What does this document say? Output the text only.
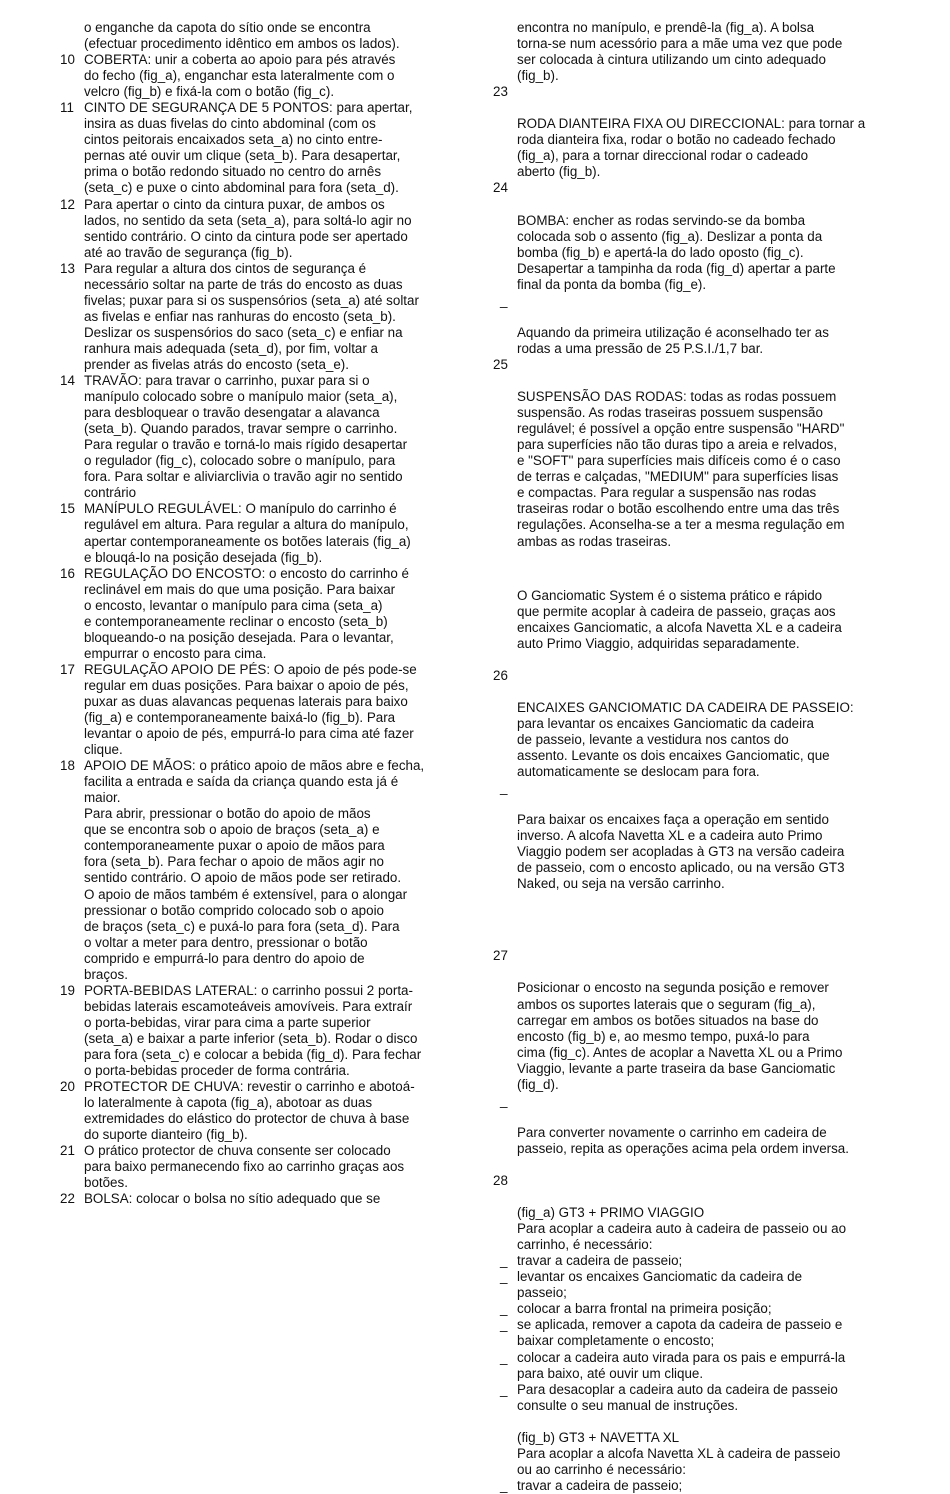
o enganche da capota do sítio onde se encontra
(efectuar procedimento idêntico em ambos os lados).
10 COBERTA: unir a coberta ao apoio para pés através
do fecho (fig_a), enganchar esta lateralmente com o
velcro (fig_b) e fixá-la com o botão (fig_c).
11 CINTO DE SEGURANÇA DE 5 PONTOS: para apertar,
insira as duas fivelas do cinto abdominal (com os
cintos peitorais encaixados seta_a) no cinto entre-
pernas até ouvir um clique (seta_b). Para desapertar,
prima o botão redondo situado no centro do arnês
(seta_c) e puxe o cinto abdominal para fora (seta_d).
12 Para apertar o cinto da cintura puxar, de ambos os
lados, no sentido da seta (seta_a), para soltá-lo agir no
sentido contrário. O cinto da cintura pode ser apertado
até ao travão de segurança (fig_b).
13 Para regular a altura dos cintos de segurança é
necessário soltar na parte de trás do encosto as duas
fivelas; puxar para si os suspensórios (seta_a) até soltar
as fivelas e enfiar nas ranhuras do encosto (seta_b).
Deslizar os suspensórios do saco (seta_c) e enfiar na
ranhura mais adequada (seta_d), por fim, voltar a
prender as fivelas atrás do encosto (seta_e).
14 TRAVÃO: para travar o carrinho, puxar para si o
manípulo colocado sobre o manípulo maior (seta_a),
para desbloquear o travão desengatar a alavanca
(seta_b). Quando parados, travar sempre o carrinho.
Para regular o travão e torná-lo mais rígido desapertar
o regulador (fig_c), colocado sobre o manípulo, para
fora. Para soltar e aliviarclivia o travão agir no sentido
contrário
15 MANÍPULO REGULÁVEL: O manípulo do carrinho é
regulável em altura. Para regular a altura do manípulo,
apertar contemporaneamente os botões laterais (fig_a)
e blouqá-lo na posição desejada (fig_b).
16 REGULAÇÃO DO ENCOSTO: o encosto do carrinho é
reclinável em mais do que uma posição. Para baixar
o encosto, levantar o manípulo para cima (seta_a)
e contemporaneamente reclinar o encosto (seta_b)
bloqueando-o na posição desejada. Para o levantar,
empurrar o encosto para cima.
17 REGULAÇÃO APOIO DE PÉS: O apoio de pés pode-se
regular em duas posições. Para baixar o apoio de pés,
puxar as duas alavancas pequenas laterais para baixo
(fig_a) e contemporaneamente baixá-lo (fig_b). Para
levantar o apoio de pés, empurrá-lo para cima até fazer
clique.
18 APOIO DE MÃOS: o prático apoio de mãos abre e fecha,
facilita a entrada e saída da criança quando esta já é
maior.
Para abrir, pressionar o botão do apoio de mãos
que se encontra sob o apoio de braços (seta_a) e
contemporaneamente puxar o apoio de mãos para
fora (seta_b). Para fechar o apoio de mãos agir no
sentido contrário. O apoio de mãos pode ser retirado.
O apoio de mãos também é extensível, para o alongar
pressionar o botão comprido colocado sob o apoio
de braços (seta_c) e puxá-lo para fora (seta_d). Para
o voltar a meter para dentro, pressionar o botão
comprido e empurrá-lo para dentro do apoio de
braços.
19 PORTA-BEBIDAS LATERAL: o carrinho possui 2 porta-
bebidas laterais escamoteáveis amovíveis. Para extraír
o porta-bebidas, virar para cima a parte superior
(seta_a) e baixar a parte inferior (seta_b). Rodar o disco
para fora (seta_c) e colocar a bebida (fig_d). Para fechar
o porta-bebidas proceder de forma contrária.
20 PROTECTOR DE CHUVA: revestir o carrinho e abotoá-
lo lateralmente à capota (fig_a), abotoar as duas
extremidades do elástico do protector de chuva à base
do suporte dianteiro (fig_b).
21 O prático protector de chuva consente ser colocado
para baixo permanecendo fixo ao carrinho graças aos
botões.
22 BOLSA: colocar o bolsa no sítio adequado que se
encontra no manípulo, e prendê-la (fig_a). A bolsa
torna-se num acessório para a mãe uma vez que pode
ser colocada à cintura utilizando um cinto adequado
(fig_b).

23

RODA DIANTEIRA FIXA OU DIRECCIONAL: para tornar a
roda dianteira fixa, rodar o botão no cadeado fechado
(fig_a), para a tornar direccional rodar o cadeado
aberto (fig_b).

24

BOMBA: encher as rodas servindo-se da bomba
colocada sob o assento (fig_a). Deslizar a ponta da
bomba (fig_b) e apertá-la do lado oposto (fig_c).
Desapertar a tampinha da roda (fig_d) apertar a parte
final da ponta da bomba (fig_e).

_

Aquando da primeira utilização é aconselhado ter as
rodas a uma pressão de 25 P.S.I./1,7 bar.

25

SUSPENSÃO DAS RODAS: todas as rodas possuem
suspensão. As rodas traseiras possuem suspensão
regulável; é possível a opção entre suspensão "HARD"
para superfícies não tão duras tipo a areia e relvados,
e "SOFT" para superfícies mais difíceis como é o caso
de terras e calçadas, "MEDIUM" para superfícies lisas
e compactas. Para regular a suspensão nas rodas
traseiras rodar o botão escolhendo entre uma das três
regulações. Aconselha-se a ter a mesma regulação em
ambas as rodas traseiras.

O Ganciomatic System é o sistema prático e rápido
que permite acoplar à cadeira de passeio, graças aos
encaixes Ganciomatic, a alcofa Navetta XL e a cadeira
auto Primo Viaggio, adquiridas separadamente.

26

ENCAIXES GANCIOMATIC DA CADEIRA DE PASSEIO:
para levantar os encaixes Ganciomatic da cadeira
de passeio, levante a vestidura nos cantos do
assento. Levante os dois encaixes Ganciomatic, que
automaticamente se deslocam para fora.

_

Para baixar os encaixes faça a operação em sentido
inverso. A alcofa Navetta XL e a cadeira auto Primo
Viaggio podem ser acopladas à GT3 na versão cadeira
de passeio, com o encosto aplicado, ou na versão GT3
Naked, ou seja na versão carrinho.

27

Posicionar o encosto na segunda posição e remover
ambos os suportes laterais que o seguram (fig_a),
carregar em ambos os botões situados na base do
encosto (fig_b) e, ao mesmo tempo, puxá-lo para
cima (fig_c). Antes de acoplar a Navetta XL ou a Primo
Viaggio, levante a parte traseira da base Ganciomatic
(fig_d).

_

Para converter novamente o carrinho em cadeira de
passeio, repita as operações acima pela ordem inversa.

28

(fig_a) GT3 + PRIMO VIAGGIO
Para acoplar a cadeira auto à cadeira de passeio ou ao
carrinho, é necessário:

_ travar a cadeira de passeio;
_ levantar os encaixes Ganciomatic da cadeira de
passeio;
_ colocar a barra frontal na primeira posição;
_ se aplicada, remover a capota da cadeira de passeio e
baixar completamente o encosto;
_ colocar a cadeira auto virada para os pais e empurrá-la
para baixo, até ouvir um clique.
_ Para desacoplar a cadeira auto da cadeira de passeio
consulte o seu manual de instruções.
(fig_b) GT3 + NAVETTA XL
Para acoplar a alcofa Navetta XL à cadeira de passeio
ou ao carrinho é necessário:
_ travar a cadeira de passeio;
